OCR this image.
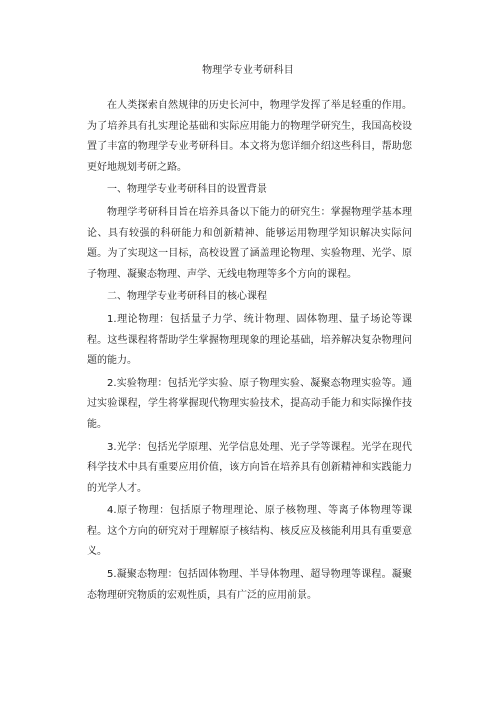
物理学专业考研科目

在人类探索自然规律的历史长河中，物理学发挥了举足轻重的作用。为了培养具有扎实理论基础和实际应用能力的物理学研究生，我国高校设置了丰富的物理学专业考研科目。本文将为您详细介绍这些科目，帮助您更好地规划考研之路。

一、物理学专业考研科目的设置背景

物理学考研科目旨在培养具备以下能力的研究生：掌握物理学基本理论、具有较强的科研能力和创新精神、能够运用物理学知识解决实际问题。为了实现这一目标，高校设置了涵盖理论物理、实验物理、光学、原子物理、凝聚态物理、声学、无线电物理等多个方向的课程。

二、物理学专业考研科目的核心课程

1.理论物理：包括量子力学、统计物理、固体物理、量子场论等课程。这些课程将帮助学生掌握物理现象的理论基础，培养解决复杂物理问题的能力。

2.实验物理：包括光学实验、原子物理实验、凝聚态物理实验等。通过实验课程，学生将掌握现代物理实验技术，提高动手能力和实际操作技能。

3.光学：包括光学原理、光学信息处理、光子学等课程。光学在现代科学技术中具有重要应用价值，该方向旨在培养具有创新精神和实践能力的光学人才。

4.原子物理：包括原子物理理论、原子核物理、等离子体物理等课程。这个方向的研究对于理解原子核结构、核反应及核能利用具有重要意义。

5.凝聚态物理：包括固体物理、半导体物理、超导物理等课程。凝聚态物理研究物质的宏观性质，具有广泛的应用前景。
